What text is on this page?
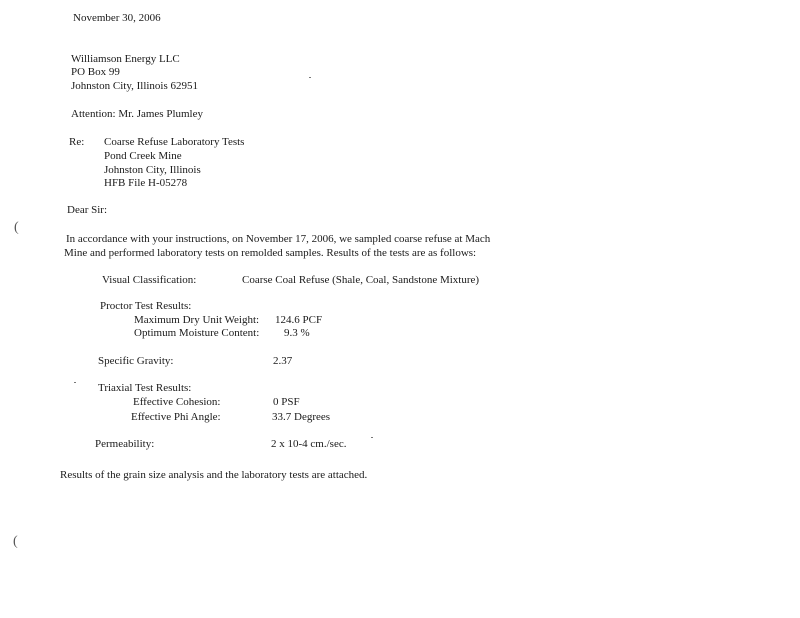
November 30, 2006
Williamson Energy LLC
PO Box 99
Johnston City, Illinois 62951
Attention: Mr. James Plumley
Re: Coarse Refuse Laboratory Tests
Pond Creek Mine
Johnston City, Illinois
HFB File H-05278
Dear Sir:
In accordance with your instructions, on November 17, 2006, we sampled coarse refuse at Mach
Mine and performed laboratory tests on remolded samples. Results of the tests are as follows:
Visual Classification:	Coarse Coal Refuse (Shale, Coal, Sandstone Mixture)
Proctor Test Results:
Maximum Dry Unit Weight: 124.6 PCF
Optimum Moisture Content: 9.3 %
Specific Gravity:	2.37
Triaxial Test Results:
Effective Cohesion:	0 PSF
Effective Phi Angle:	33.7 Degrees
Permeability:	2 x 10-4 cm./sec.
Results of the grain size analysis and the laboratory tests are attached.
(
(
